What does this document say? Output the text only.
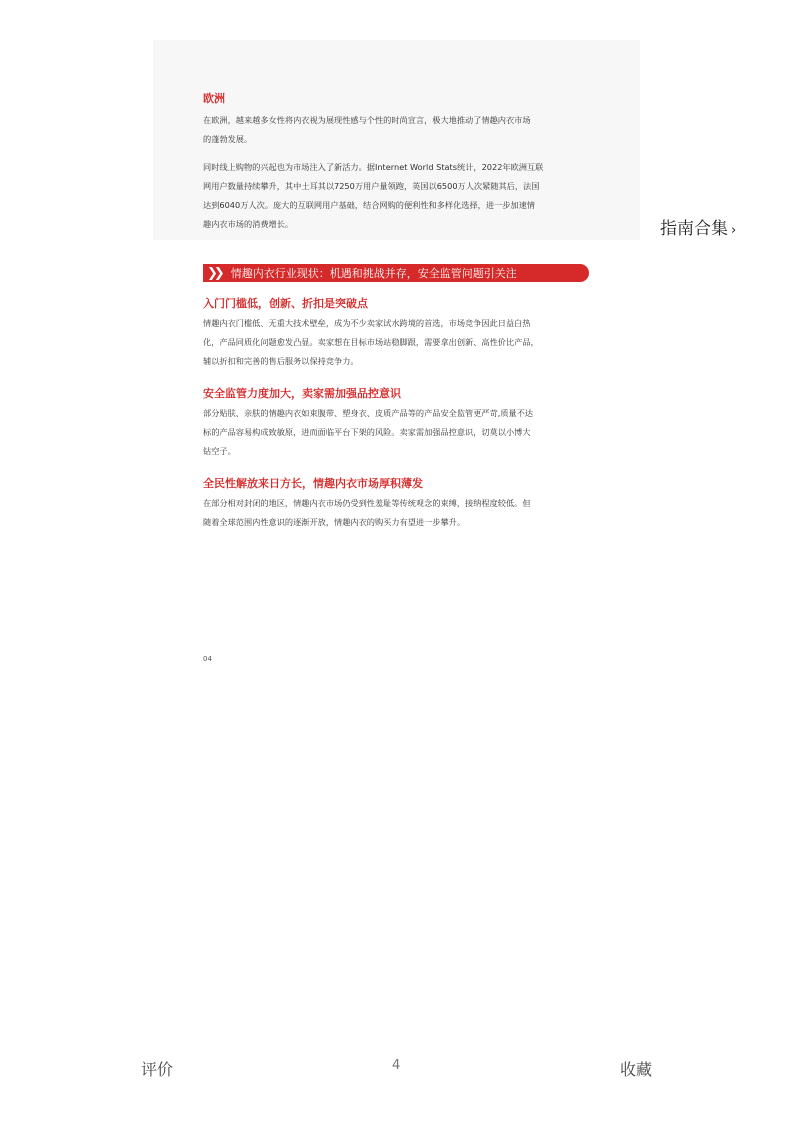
欧洲
在欧洲，越来越多女性将内衣视为展现性感与个性的时尚宣言，极大地推动了情趣内衣市场
的蓬勃发展。
同时线上购物的兴起也为市场注入了新活力。据Internet World Stats统计，2022年欧洲互联
网用户数量持续攀升，其中土耳其以7250万用户量领跑，英国以6500万人次紧随其后，法国
达到6040万人次。庞大的互联网用户基础，结合网购的便利性和多样化选择，进一步加速情
趣内衣市场的消费增长。
❯❯ 情趣内衣行业现状：机遇和挑战并存，安全监管问题引关注
入门门槛低，创新、折扣是突破点
情趣内衣门槛低、无重大技术壁垒，成为不少卖家试水跨境的首选，市场竞争因此日益白热
化，产品同质化问题愈发凸显。卖家想在目标市场站稳脚跟，需要拿出创新、高性价比产品，
辅以折扣和完善的售后服务以保持竞争力。
安全监管力度加大，卖家需加强品控意识
部分贴肤、亲肤的情趣内衣如束腹带、塑身衣、皮质产品等的产品安全监管更严苛,质量不达
标的产品容易构成致敏原，进而面临平台下架的风险。卖家需加强品控意识，切莫以小博大
钻空子。
全民性解放来日方长，情趣内衣市场厚积薄发
在部分相对封闭的地区，情趣内衣市场仍受到性羞耻等传统观念的束缚，接纳程度较低。但
随着全球范围内性意识的逐渐开放，情趣内衣的购买力有望进一步攀升。
04
指南合集 ›
评价	4	收藏
